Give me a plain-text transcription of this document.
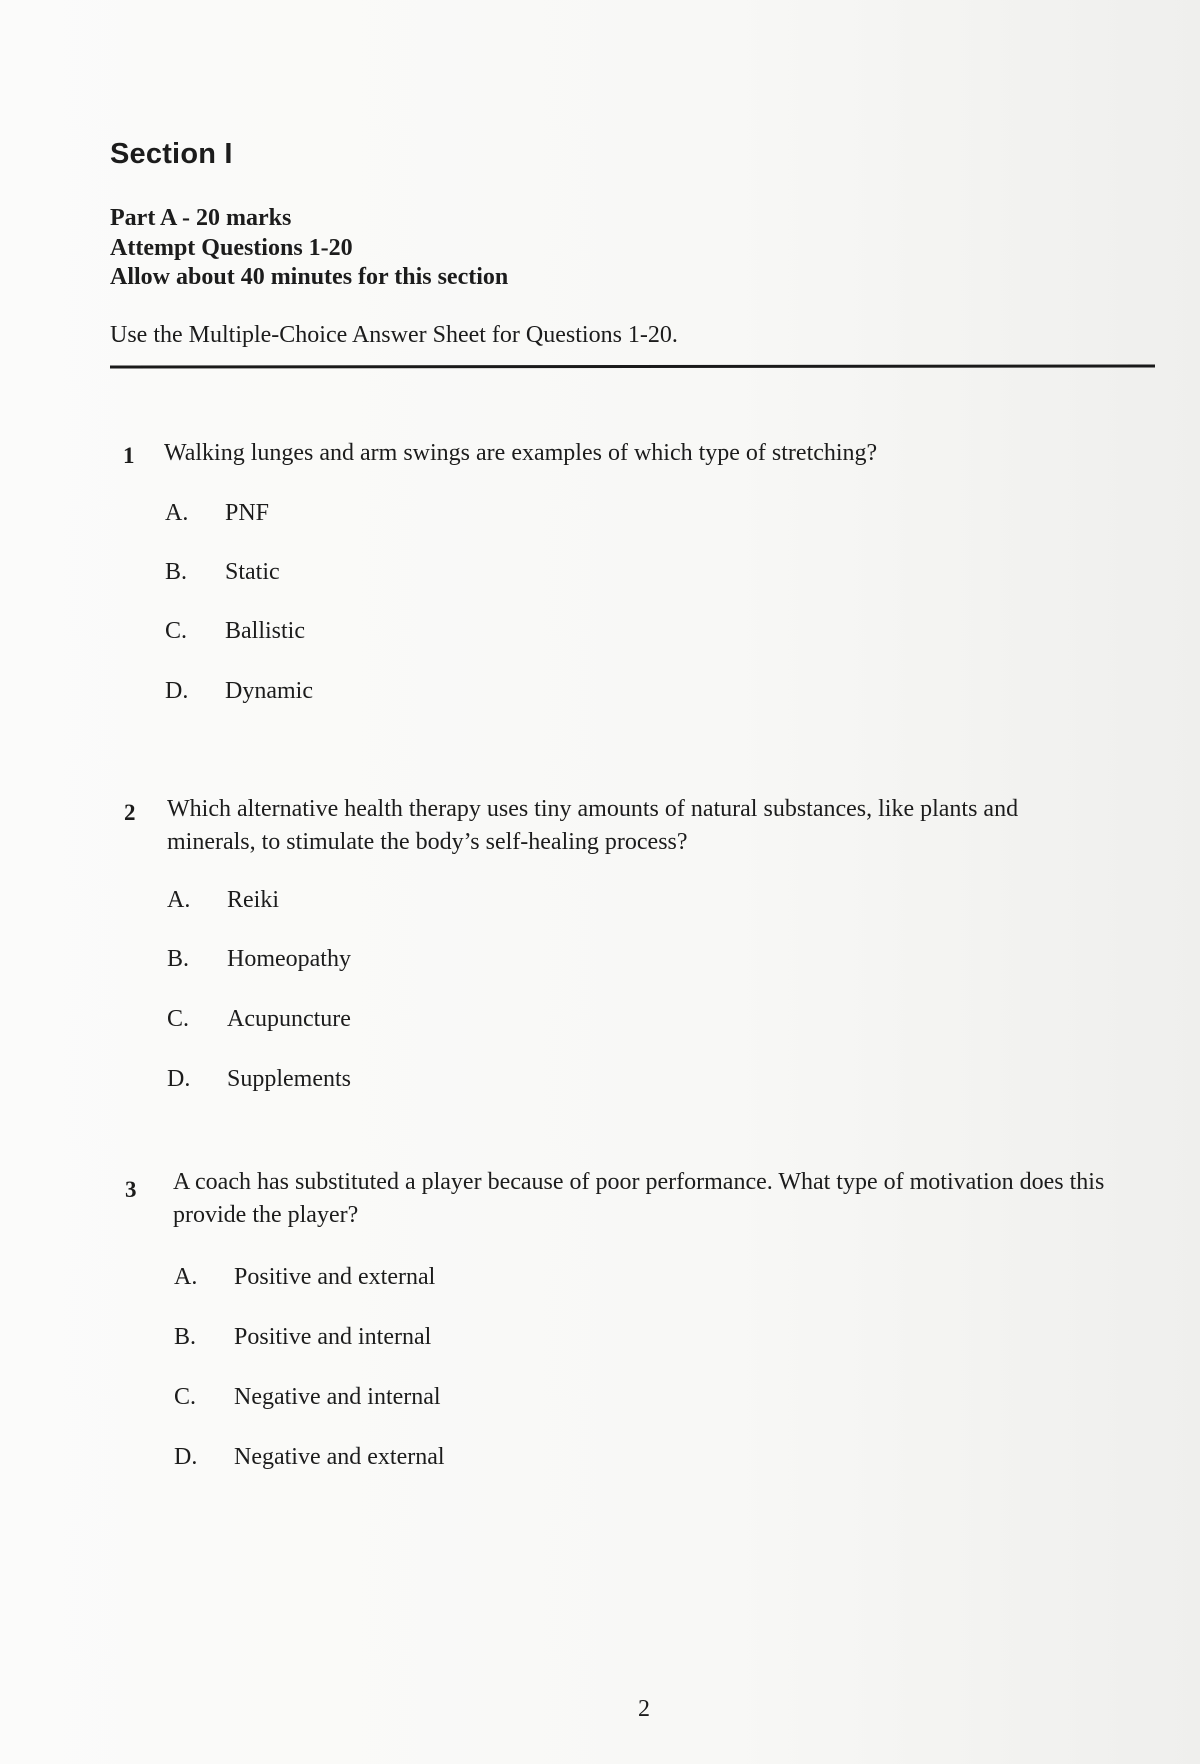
Section I

Part A - 20 marks

Attempt Questions 1-20

Allow about 40 minutes for this section

Use the Multiple-Choice Answer Sheet for Questions 1-20.
1 Walking lunges and arm swings are examples of which type of stretching?
A. PNF
B. Static
C. Ballistic
D. Dynamic
2 Which alternative health therapy uses tiny amounts of natural substances, like plants and minerals, to stimulate the body’s self-healing process?
A. Reiki
B. Homeopathy
C. Acupuncture
D. Supplements
3 A coach has substituted a player because of poor performance. What type of motivation does this provide the player?
A. Positive and external
B. Positive and internal
C. Negative and internal
D. Negative and external
2
